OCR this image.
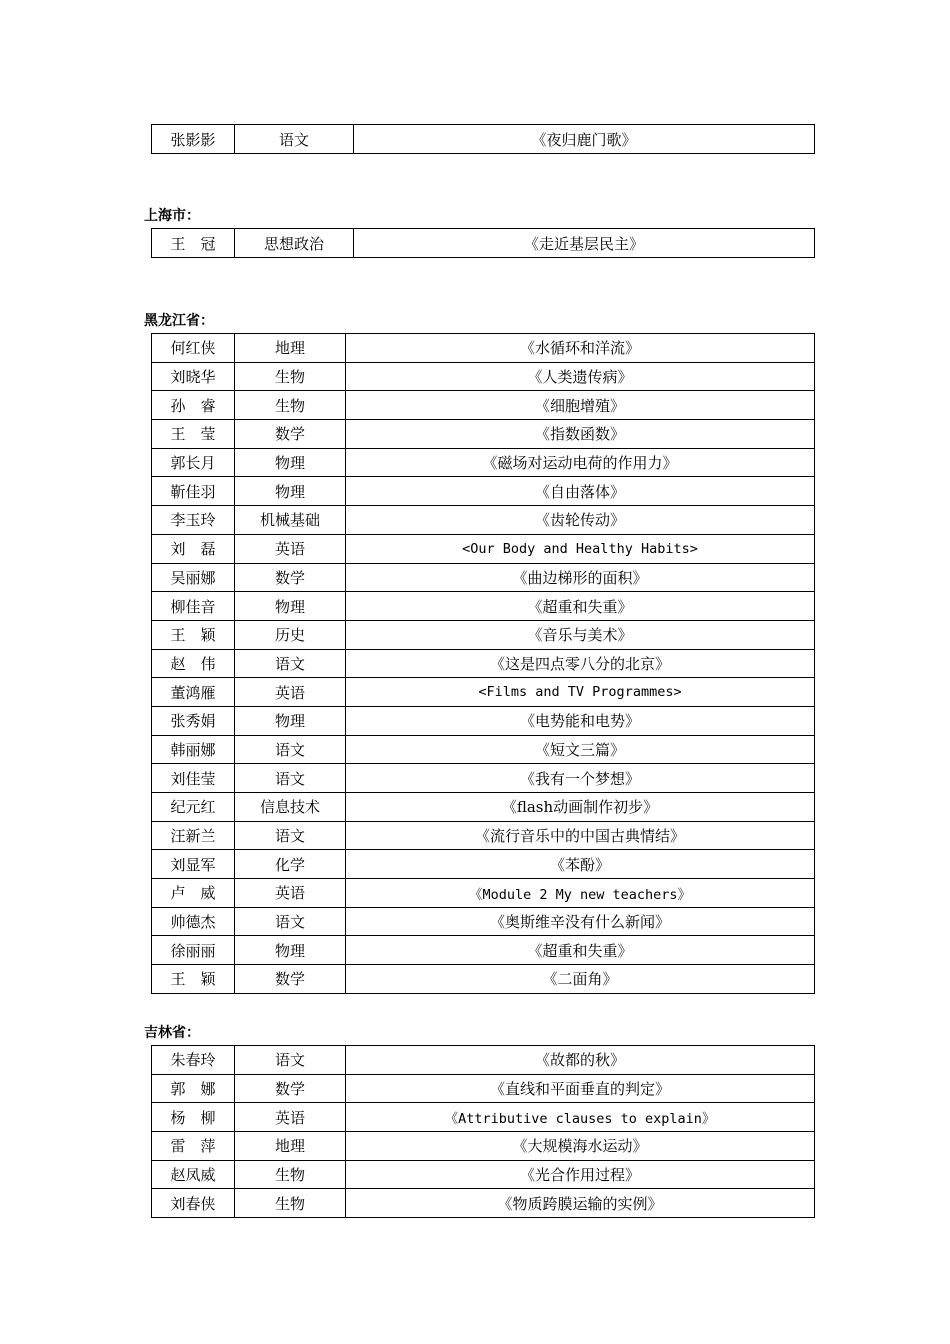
张影影	语文	《夜归鹿门歌》
上海市：
王　冠	思想政治	《走近基层民主》
黑龙江省：
何红侠	地理	《水循环和洋流》
刘晓华	生物	《人类遗传病》
孙　睿	生物	《细胞增殖》
王　莹	数学	《指数函数》
郭长月	物理	《磁场对运动电荷的作用力》
靳佳羽	物理	《自由落体》
李玉玲	机械基础	《齿轮传动》
刘　磊	英语	<Our Body and Healthy Habits>
吴丽娜	数学	《曲边梯形的面积》
柳佳音	物理	《超重和失重》
王　颖	历史	《音乐与美术》
赵　伟	语文	《这是四点零八分的北京》
董鸿雁	英语	<Films and TV Programmes>
张秀娟	物理	《电势能和电势》
韩丽娜	语文	《短文三篇》
刘佳莹	语文	《我有一个梦想》
纪元红	信息技术	《flash动画制作初步》
汪新兰	语文	《流行音乐中的中国古典情结》
刘显军	化学	《苯酚》
卢　威	英语	《Module 2 My new teachers》
帅德杰	语文	《奥斯维辛没有什么新闻》
徐丽丽	物理	《超重和失重》
王　颖	数学	《二面角》
吉林省：
朱春玲	语文	《故都的秋》
郭　娜	数学	《直线和平面垂直的判定》
杨　柳	英语	《Attributive clauses to explain》
雷　萍	地理	《大规模海水运动》
赵凤威	生物	《光合作用过程》
刘春侠	生物	《物质跨膜运输的实例》
